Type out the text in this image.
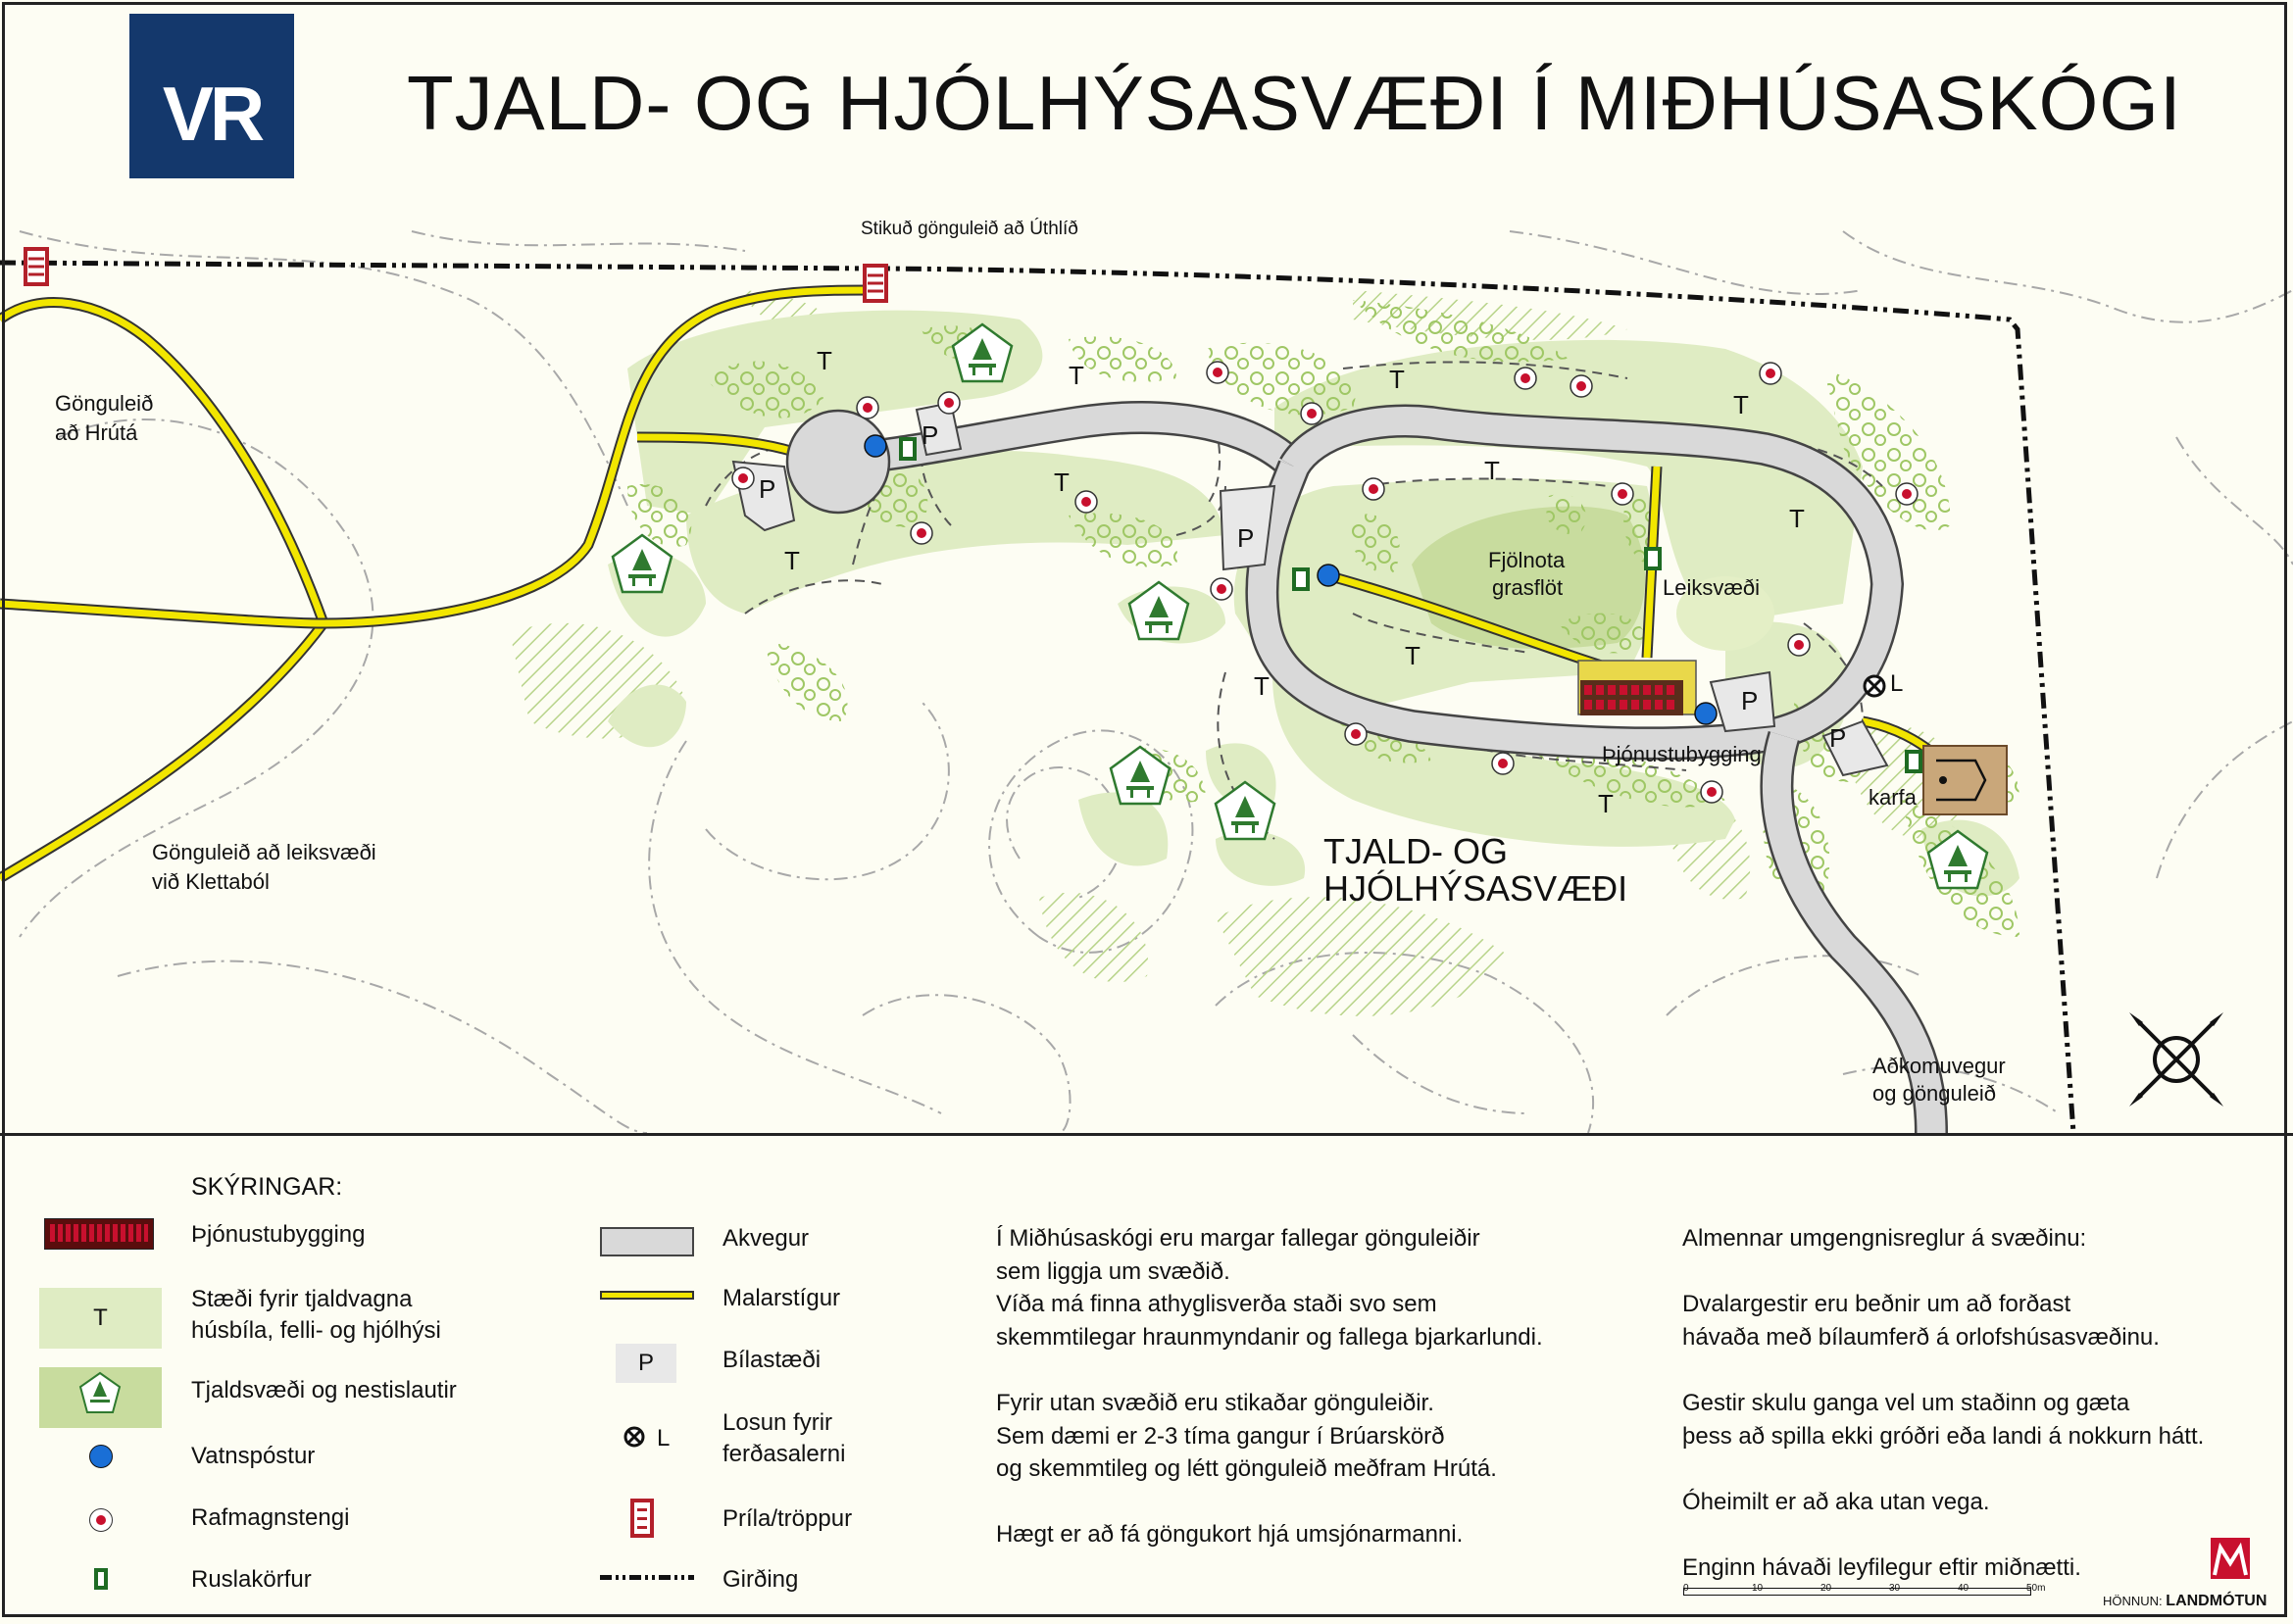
VR	TJALD- OG HJÓLHÝSASVÆÐI Í MIÐHÚSASKÓGI
T	T	T
T
T	T
T
T
T
T
T
P
P
P
P
P
Stikuð gönguleið að Úthlíð
Gönguleið
að Hrútá
Gönguleið að leiksvæði
við Klettaból
Fjölnota
grasflöt	Leiksvæði
Þjónustubygging
karfa
Aðkomuvegur
og gönguleið
L
TJALD- OG
HJÓLHÝSASVÆÐI
SKÝRINGAR:
Þjónustubygging
T
Stæði fyrir tjaldvagna
húsbíla, felli- og hjólhýsi
Tjaldsvæði og nestislautir
Vatnspóstur
Rafmagnstengi
Ruslakörfur
Akvegur
Malarstígur
P	Bílastæði
L
Losun fyrir
ferðasalerni
Príla/tröppur
Girðing
Í Miðhúsaskógi eru margar fallegar gönguleiðir
sem liggja um svæðið.
Víða má finna athyglisverða staði svo sem
skemmtilegar hraunmyndanir og fallega bjarkarlundi.

Fyrir utan svæðið eru stikaðar gönguleiðir.
Sem dæmi er 2-3 tíma gangur í Brúarskörð
og skemmtileg og létt gönguleið meðfram Hrútá.

Hægt er að fá göngukort hjá umsjónarmanni.
Almennar umgengnisreglur á svæðinu:

Dvalargestir eru beðnir um að forðast
hávaða með bílaumferð á orlofshúsasvæðinu.

Gestir skulu ganga vel um staðinn og gæta
þess að spilla ekki gróðri eða landi á nokkurn hátt.

Óheimilt er að aka utan vega.

Enginn hávaði leyfilegur eftir miðnætti.
0	10	20	30	40	50m
HÖNNUN: LANDMÓTUN
